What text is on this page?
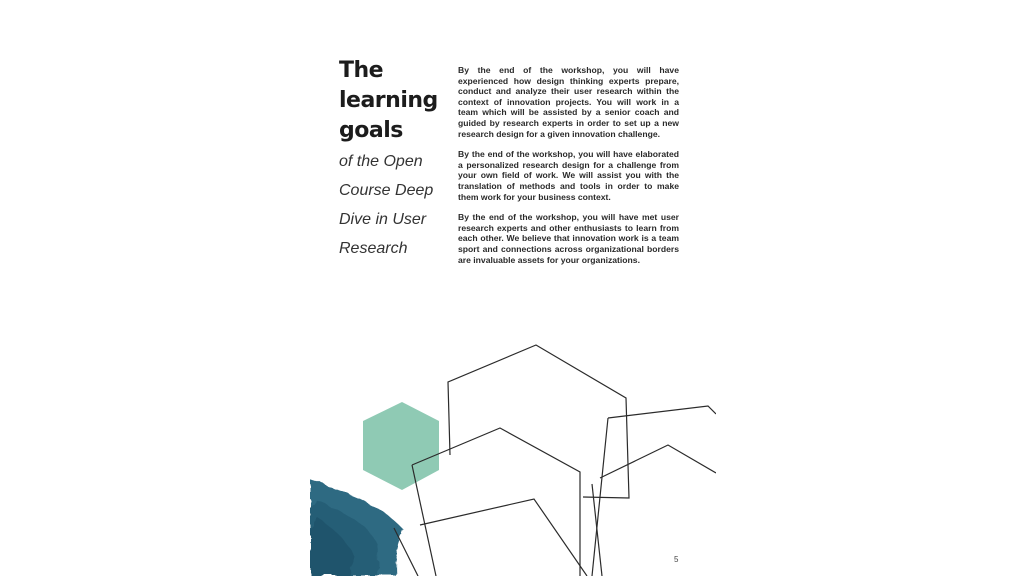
The
learning
goals
of the Open
Course Deep
Dive in User
Research

By the end of the workshop, you will have experienced how design thinking experts prepare, conduct and analyze their user research within the context of innovation projects. You will work in a team which will be assisted by a senior coach and guided by research experts in order to set up a new research design for a given innovation challenge.

By the end of the workshop, you will have elaborated a personalized research design for a challenge from your own field of work. We will assist you with the translation of methods and tools in order to make them work for your business context.

By the end of the workshop, you will have met user research experts and other enthusiasts to learn from each other. We believe that innovation work is a team sport and connections across organizational borders are invaluable assets for your organizations.

5
